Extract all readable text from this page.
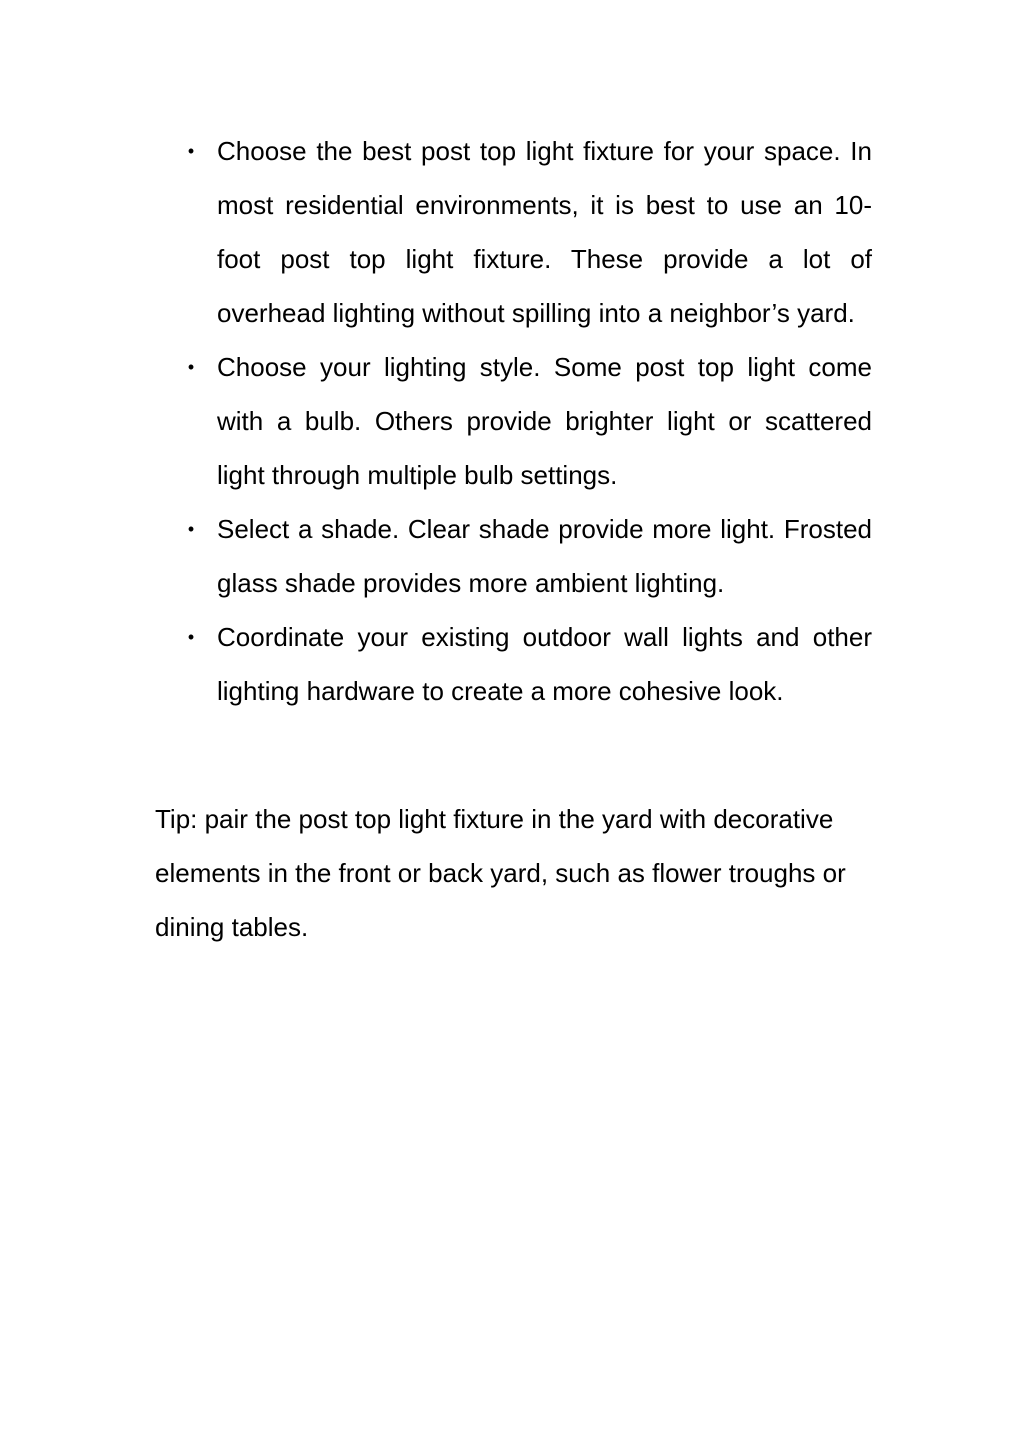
• Choose the best post top light fixture for your space. In most residential environments, it is best to use an 10-foot post top light fixture. These provide a lot of overhead lighting without spilling into a neighbor’s yard.
• Choose your lighting style. Some post top light come with a bulb. Others provide brighter light or scattered light through multiple bulb settings.
• Select a shade. Clear shade provide more light. Frosted glass shade provides more ambient lighting.
• Coordinate your existing outdoor wall lights and other lighting hardware to create a more cohesive look.

Tip: pair the post top light fixture in the yard with decorative elements in the front or back yard, such as flower troughs or dining tables.
